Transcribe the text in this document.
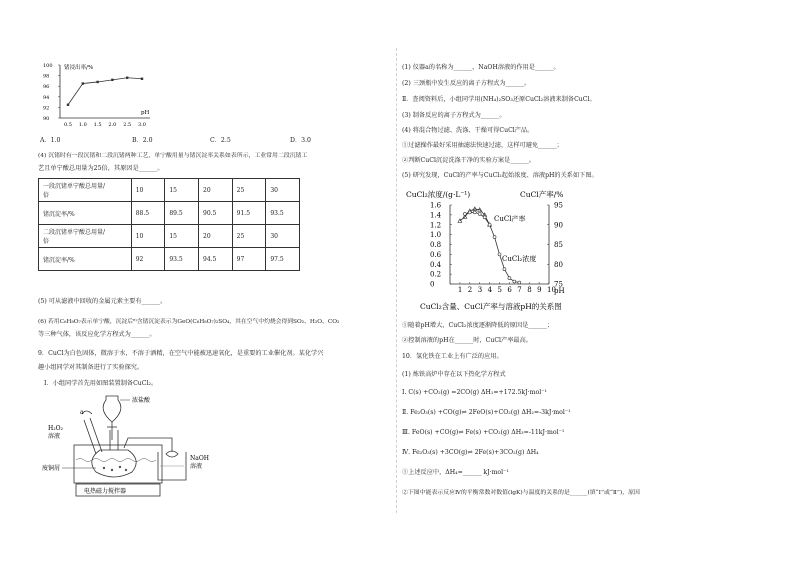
锗浸出率/%
pH
100
98
96
94
92
90
0.5 1.0 1.5 2.0 2.5 3.0
A．1.0	B．2.0	C．2.5	D．3.0
(4) 沉锗时有一段沉锗和二段沉锗两种工艺，单宁酸用量与锗沉淀率关系如表所示，工业常用二段沉锗工
艺且单宁酸总用量为25倍，其原因是______。
一段沉锗单宁酸总用量/
倍	10	15	20	25	30
锗沉淀率/%	88.5	89.5	90.5	91.5	93.5
二段沉锗单宁酸总用量/
倍	10	15	20	25	30
锗沉淀率/%	92	93.5	94.5	97	97.5
(5) 可从滤液中回收的金属元素主要有______。
(6) 若用C₆H₈O₇表示单宁酸，沉淀后⁸⁾含锗沉淀表示为GeO(C₆H₈O₇)₂SO₄，其在空气中灼烧会得到SO₂、H₂O、CO₂
等三种气体，该反应化学方程式为______。
9．CuCl为白色固体，微溶于水，不溶于酒精，在空气中能被迅速氧化，是重要的工业催化剂。某化学兴
趣小组同学对其制备进行了实验探究。
Ⅰ．小组同学首先用如图装置制备CuCl₂。
浓盐酸
H₂O₂
溶液
a
废铜屑
NaOH
溶液
电热磁力搅拌器
(1) 仪器a的名称为______，NaOH溶液的作用是______。
(2) 三颈瓶中发生反应的离子方程式为______。
Ⅱ．查阅资料后，小组同学用(NH₄)₂SO₃还原CuCl₂溶液来制备CuCl。
(3) 制备反应的离子方程式为______。
(4) 将混合物过滤、洗涤、干燥可得CuCl产品。
①过滤操作最好采用抽滤法快速过滤，这样可避免______；
②判断CuCl沉淀洗涤干净的实验方案是______。
(5) 研究发现，CuCl的产率与CuCl₂起始浓度、溶液pH的关系如下图。
CuCl₂浓度/(g·L⁻¹)	CuCl产率/%
1.6
1.4
1.2
1.0
0.8
0.6
0.4
0.2
0
95
90
85
80
75
1 2 3 4 5 6 7 8 9 10
pH
CuCl产率
CuCl₂浓度
CuCl₂含量、CuCl产率与溶液pH的关系图
①随着pH增大，CuCl₂浓度逐渐降低的原因是______；
②控制溶液的pH在______时，CuCl产率最高。
10．氢化铁在工业上有广泛的应用。
(1) 炼铁高炉中存在以下热化学方程式
Ⅰ. C(s) +CO₂(g) =2CO(g) ΔH₁=+172.5kJ·mol⁻¹
Ⅱ. Fe₂O₃(s) +CO(g)⇌ 2FeO(s)+CO₂(g) ΔH₂=-3kJ·mol⁻¹
Ⅲ. FeO(s) +CO(g)⇌ Fe(s) +CO₂(g) ΔH₃=-11kJ·mol⁻¹
Ⅳ. Fe₂O₃(s) +3CO(g)⇌ 2Fe(s)+3CO₂(g) ΔH₄
①上述反应中，ΔH₄=______ kJ·mol⁻¹
②下图中能表示反应Ⅳ的平衡常数对数值(lgK)与温度的关系的是______(填“Ⅰ”或“Ⅱ”)，原因
